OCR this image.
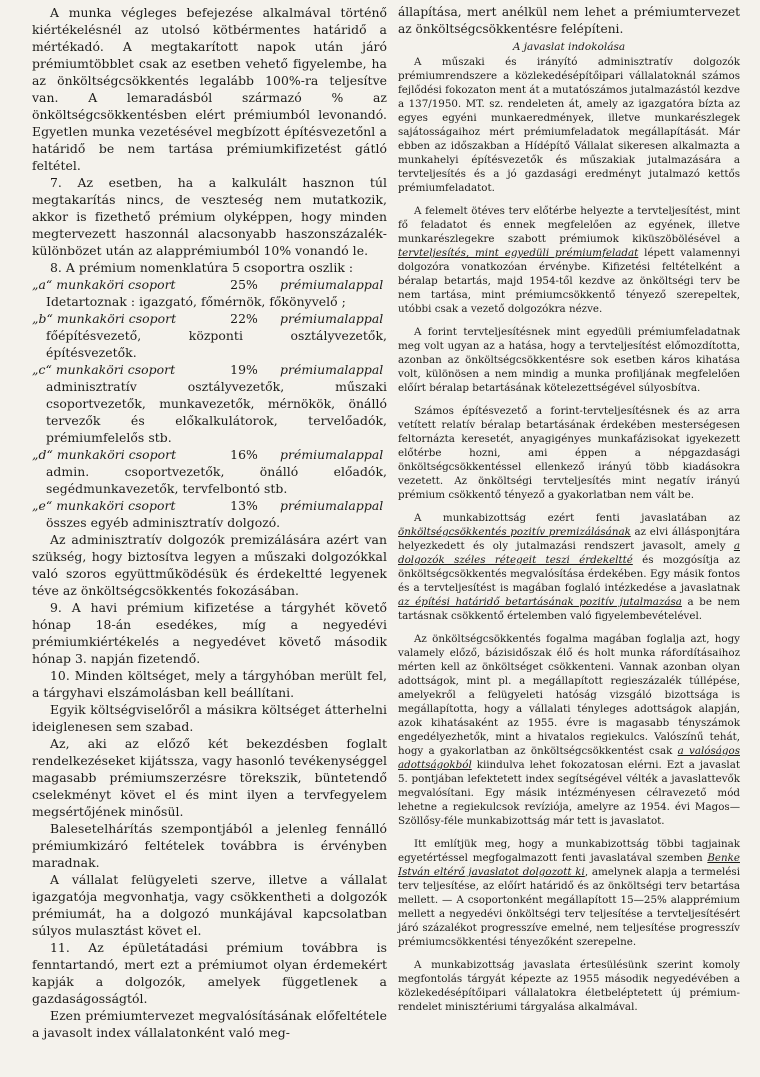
A munka végleges befejezése alkalmával történő kiértékelésnél az utolsó kötbérmentes határidő a mértékadó. A megtakarított napok után járó prémiumtöbblet csak az esetben vehető figyelembe, ha az önköltségcsökkentés legalább 100%-ra teljesítve van. A lemaradásból származó % az önköltségcsökkentésben elért prémiumból levonandó. Egyetlen munka vezetésével megbízott építésvezetőnl a határidő be nem tartása prémiumkifizetést gátló feltétel.

7. Az esetben, ha a kalkulált hasznon túl megtakarítás nincs, de veszteség nem mutatkozik, akkor is fizethető prémium olyképpen, hogy minden megtervezett haszonnál alacsonyabb haszonszázalék-különbözet után az alapprémiumból 10% vonandó le.

8. A prémium nomenklatúra 5 csoportra oszlik :

„a“ munkaköri csoport	25%	prémiumalappal

Idetartoznak : igazgató, főmérnök, főkönyvelő ;

„b“ munkaköri csoport	22%	prémiumalappal

főépítésvezető, központi osztályvezetők, építésvezetők.

„c“ munkaköri csoport	19%	prémiumalappal

adminisztratív osztályvezetők, műszaki csoportvezetők, munkavezetők, mérnökök, önálló tervezők és előkalkulátorok, tervelőadók, prémiumfelelős stb.

„d“ munkaköri csoport	16%	prémiumalappal

admin. csoportvezetők, önálló előadók, segédmunkavezetők, tervfelbontó stb.

„e“ munkaköri csoport	13%	prémiumalappal

összes egyéb adminisztratív dolgozó.

Az adminisztratív dolgozók premizálására azért van szükség, hogy biztosítva legyen a műszaki dolgozókkal való szoros együttműködésük és érdekeltté legyenek téve az önköltségcsökkentés fokozásában.

9. A havi prémium kifizetése a tárgyhét követő hónap 18-án esedékes, míg a negyedévi prémiumkiértékelés a negyedévet követő második hónap 3. napján fizetendő.

10. Minden költséget, mely a tárgyhóban merült fel, a tárgyhavi elszámolásban kell beállítani.

Egyik költségviselőről a másikra költséget átterhelni ideiglenesen sem szabad.

Az, aki az előző két bekezdésben foglalt rendelkezéseket kijátssza, vagy hasonló tevékenységgel magasabb prémiumszerzésre törekszik, büntetendő cselekményt követ el és mint ilyen a tervfegyelem megsértőjének minősül.

Balesetelhárítás szempontjából a jelenleg fennálló prémiumkizáró feltételek továbbra is érvényben maradnak.

A vállalat felügyeleti szerve, illetve a vállalat igazgatója megvonhatja, vagy csökkentheti a dolgozók prémiumát, ha a dolgozó munkájával kapcsolatban súlyos mulasztást követ el.

11. Az épületátadási prémium továbbra is fenntartandó, mert ezt a prémiumot olyan érdemekért kapják a dolgozók, amelyek függetlenek a gazdaságosságtól.

Ezen prémiumtervezet megvalósításának előfeltétele a javasolt index vállalatonként való meg-

állapítása, mert anélkül nem lehet a prémiumtervezet az önköltségcsökkentésre felépíteni.

A javaslat indokolása

A műszaki és irányító adminisztratív dolgozók prémiumrendszere a közlekedésépítőipari vállalatoknál számos fejlődési fokozaton ment át a mutatószámos jutalmazástól kezdve a 137/1950. MT. sz. rendeleten át, amely az igazgatóra bízta az egyes egyéni munkaeredmények, illetve munkarészlegek sajátosságaihoz mért prémiumfeladatok megállapítását. Már ebben az időszakban a Hídépítő Vállalat sikeresen alkalmazta a munkahelyi építésvezetők és műszakiak jutalmazására a tervteljesítés és a jó gazdasági eredményt jutalmazó kettős prémiumfeladatot.

A felemelt ötéves terv előtérbe helyezte a tervteljesítést, mint fő feladatot és ennek megfelelően az egyének, illetve munkarészlegekre szabott prémiumok kiküszöbölésével a tervteljesítés, mint egyedüli prémiumfeladat lépett valamennyi dolgozóra vonatkozóan érvénybe. Kifizetési feltételként a béralap betartás, majd 1954-től kezdve az önköltségi terv be nem tartása, mint prémiumcsökkentő tényező szerepeltek, utóbbi csak a vezető dolgozókra nézve.

A forint tervteljesítésnek mint egyedüli prémiumfeladatnak meg volt ugyan az a hatása, hogy a tervteljesítést előmozdította, azonban az önköltségcsökkentésre sok esetben káros kihatása volt, különösen a nem mindig a munka profiljának megfelelően előírt béralap betartásának kötelezettségével súlyosbítva.

Számos építésvezető a forint-tervteljesítésnek és az arra vetített relatív béralap betartásának érdekében mesterségesen feltornázta keresetét, anyagigényes munkafázisokat igyekezett előtérbe hozni, ami éppen a népgazdasági önköltségcsökkentéssel ellenkező irányú több kiadásokra vezetett. Az önköltségi tervteljesítés mint negatív irányú prémium csökkentő tényező a gyakorlatban nem vált be.

A munkabizottság ezért fenti javaslatában az önköltségcsökkentés pozitív premizálásának az elvi állásponjtára helyezkedett és oly jutalmazási rendszert javasolt, amely a dolgozók széles rétegeit teszi érdekeltté és mozgósítja az önköltségcsökkentés megvalósítása érdekében. Egy másik fontos és a tervteljesítést is magában foglaló intézkedése a javaslatnak az építési határidő betartásának pozitív jutalmazása a be nem tartásnak csökkentő értelemben való figyelembevételével.

Az önköltségcsökkentés fogalma magában foglalja azt, hogy valamely előző, bázisidőszak élő és holt munka ráfordításaihoz mérten kell az önköltséget csökkenteni. Vannak azonban olyan adottságok, mint pl. a megállapított regieszázalék túllépése, amelyekről a felügyeleti hatóság vizsgáló bizottsága is megállapította, hogy a vállalati tényleges adottságok alapján, azok kihatásaként az 1955. évre is magasabb tényszámok engedélyezhetők, mint a hivatalos regiekulcs. Valószínű tehát, hogy a gyakorlatban az önköltségcsökkentést csak a valóságos adottságokból kiindulva lehet fokozatosan elérni. Ezt a javaslat 5. pontjában lefektetett index segítségével vélték a javaslattevők megvalósítani. Egy másik intézményesen célravezető mód lehetne a regiekulcsok revíziója, amelyre az 1954. évi Magos—Szöllősy-féle munkabizottság már tett is javaslatot.

Itt említjük meg, hogy a munkabizottság többi tagjainak egyetértéssel megfogalmazott fenti javaslatával szemben Benke István eltérő javaslatot dolgozott ki, amelynek alapja a termelési terv teljesítése, az előírt határidő és az önköltségi terv betartása mellett. — A csoportonként megállapított 15—25% alapprémium mellett a negyedévi önköltségi terv teljesítése a tervteljesítésért járó százalékot progresszíve emelné, nem teljesítése progresszív prémiumcsökkentési tényezőként szerepelne.

A munkabizottság javaslata értesülésünk szerint komoly megfontolás tárgyát képezte az 1955 második negyedévében a közlekedésépítőipari vállalatokra életbeléptetett új prémium-rendelet minisztériumi tárgyalása alkalmával.
